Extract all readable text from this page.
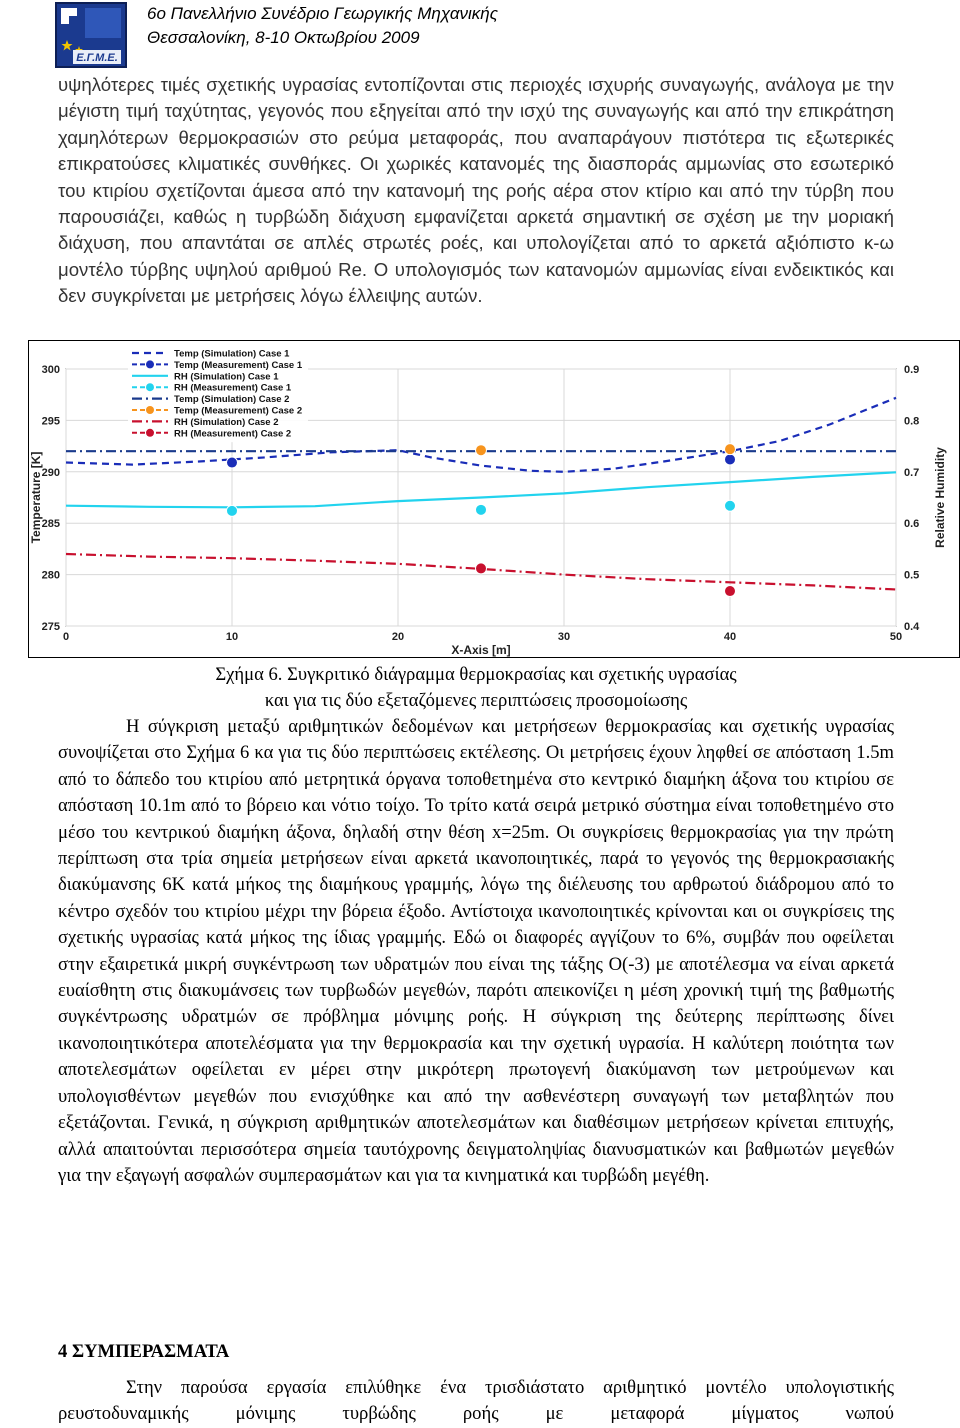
Ε.Γ.Μ.Ε.
6ο Πανελλήνιο Συνέδριο Γεωργικής Μηχανικής
Θεσσαλονίκη, 8-10 Οκτωβρίου 2009
υψηλότερες τιμές σχετικής υγρασίας εντοπίζονται στις περιοχές ισχυρής συναγωγής, ανάλογα με την μέγιστη τιμή ταχύτητας, γεγονός που εξηγείται από την ισχύ της συναγωγής και από την επικράτηση χαμηλότερων θερμοκρασιών στο ρεύμα μεταφοράς, που αναπαράγουν πιστότερα τις εξωτερικές επικρατούσες κλιματικές συνθήκες. Οι χωρικές κατανομές της διασποράς αμμωνίας στο εσωτερικό του κτιρίου σχετίζονται άμεσα από την κατανομή της ροής αέρα στον κτίριο και από την τύρβη που παρουσιάζει, καθώς η τυρβώδη διάχυση εμφανίζεται αρκετά σημαντική σε σχέση με την μοριακή διάχυση, που απαντάται σε απλές στρωτές ροές, και υπολογίζεται από το αρκετά αξιόπιστο κ-ω μοντέλο τύρβης υψηλού αριθμού Re. Ο υπολογισμός των κατανομών αμμωνίας είναι ενδεικτικός και δεν συγκρίνεται με μετρήσεις λόγω έλλειψης αυτών.
0	10	20	30	40	50
275
280
285
290
295
300
0.4
0.5
0.6
0.7
0.8
0.9
X-Axis [m]
Temperature [K]	Relative Humidity
Temp (Simulation) Case 1
Temp (Measurement) Case 1
RH (Simulation) Case 1
RH (Measurement) Case 1
Temp (Simulation) Case 2
Temp (Measurement) Case 2
RH (Simulation) Case 2
RH (Measurement) Case 2
Σχήμα 6. Συγκριτικό διάγραμμα θερμοκρασίας και σχετικής υγρασίας
και για τις δύο εξεταζόμενες περιπτώσεις προσομοίωσης
Η σύγκριση μεταξύ αριθμητικών δεδομένων και μετρήσεων θερμοκρασίας και σχετικής υγρασίας συνοψίζεται στο Σχήμα 6 κα για τις δύο περιπτώσεις εκτέλεσης. Οι μετρήσεις έχουν ληφθεί σε απόσταση 1.5m από το δάπεδο του κτιρίου από μετρητικά όργανα τοποθετημένα στο κεντρικό διαμήκη άξονα του κτιρίου σε απόσταση 10.1m από το βόρειο και νότιο τοίχο. Το τρίτο κατά σειρά μετρικό σύστημα είναι τοποθετημένο στο μέσο του κεντρικού διαμήκη άξονα, δηλαδή στην θέση x=25m. Οι συγκρίσεις θερμοκρασίας για την πρώτη περίπτωση στα τρία σημεία μετρήσεων είναι αρκετά ικανοποιητικές, παρά το γεγονός της θερμοκρασιακής διακύμανσης 6K κατά μήκος της διαμήκους γραμμής, λόγω της διέλευσης του αρθρωτού διάδρομου από το κέντρο σχεδόν του κτιρίου μέχρι την βόρεια έξοδο. Αντίστοιχα ικανοποιητικές κρίνονται και οι συγκρίσεις της σχετικής υγρασίας κατά μήκος της ίδιας γραμμής. Εδώ οι διαφορές αγγίζουν το 6%, συμβάν που οφείλεται στην εξαιρετικά μικρή συγκέντρωση των υδρατμών που είναι της τάξης O(-3) με αποτέλεσμα να είναι αρκετά ευαίσθητη στις διακυμάνσεις των τυρβωδών μεγεθών, παρότι απεικονίζει η μέση χρονική τιμή της βαθμωτής συγκέντρωσης υδρατμών σε πρόβλημα μόνιμης ροής. Η σύγκριση της δεύτερης περίπτωσης δίνει ικανοποιητικότερα αποτελέσματα για την θερμοκρασία και την σχετική υγρασία. Η καλύτερη ποιότητα των αποτελεσμάτων οφείλεται εν μέρει στην μικρότερη πρωτογενή διακύμανση των μετρούμενων και υπολογισθέντων μεγεθών που ενισχύθηκε και από την ασθενέστερη συναγωγή των μεταβλητών που εξετάζονται. Γενικά, η σύγκριση αριθμητικών αποτελεσμάτων και διαθέσιμων μετρήσεων κρίνεται επιτυχής, αλλά απαιτούνται περισσότερα σημεία ταυτόχρονης δειγματοληψίας διανυσματικών και βαθμωτών μεγεθών για την εξαγωγή ασφαλών συμπερασμάτων και για τα κινηματικά και τυρβώδη μεγέθη.
4 ΣΥΜΠΕΡΑΣΜΑΤΑ
Στην παρούσα εργασία επιλύθηκε ένα τρισδιάστατο αριθμητικό μοντέλο υπολογιστικής ρευστοδυναμικής μόνιμης τυρβώδης ροής με μεταφορά μίγματος νωπού
